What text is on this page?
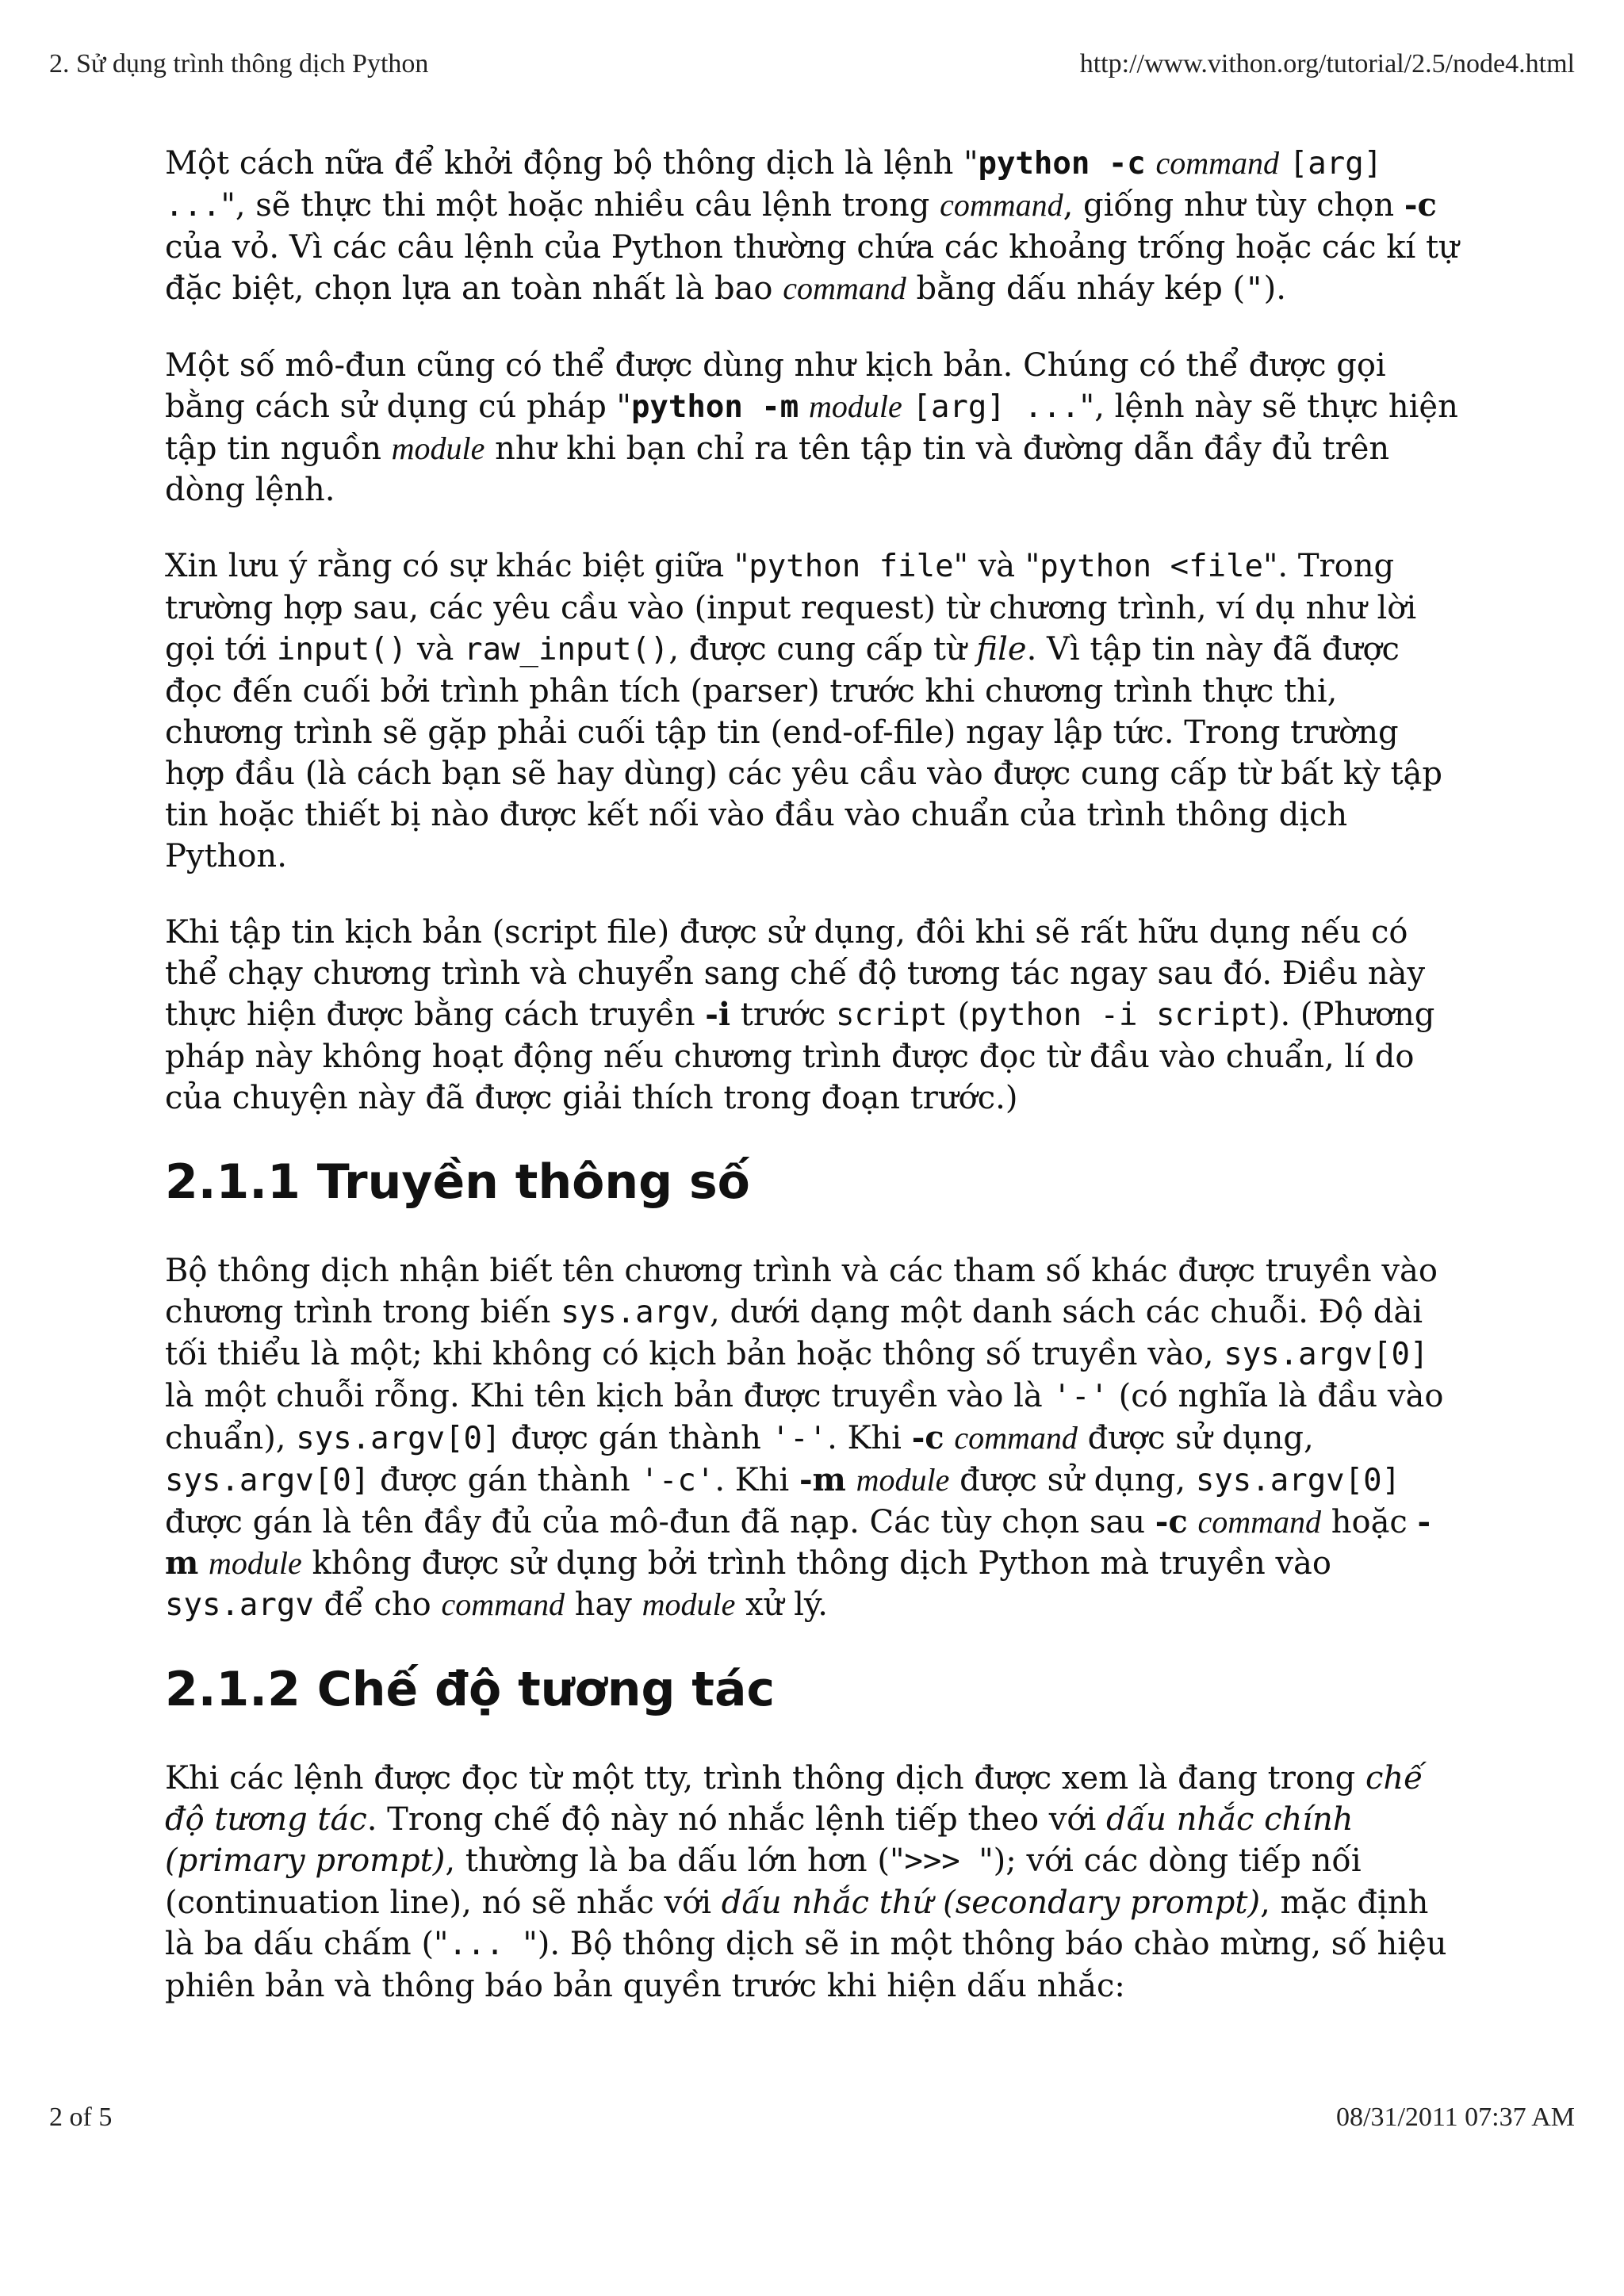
2. Sử dụng trình thông dịch Python	http://www.vithon.org/tutorial/2.5/node4.html

Một cách nữa để khởi động bộ thông dịch là lệnh "python -c command [arg] ...", sẽ thực thi một hoặc nhiều câu lệnh trong command, giống như tùy chọn -c của vỏ. Vì các câu lệnh của Python thường chứa các khoảng trống hoặc các kí tự đặc biệt, chọn lựa an toàn nhất là bao command bằng dấu nháy kép (").

Một số mô-đun cũng có thể được dùng như kịch bản. Chúng có thể được gọi bằng cách sử dụng cú pháp "python -m module [arg] ...", lệnh này sẽ thực hiện tập tin nguồn module như khi bạn chỉ ra tên tập tin và đường dẫn đầy đủ trên dòng lệnh.

Xin lưu ý rằng có sự khác biệt giữa "python file" và "python <file". Trong trường hợp sau, các yêu cầu vào (input request) từ chương trình, ví dụ như lời gọi tới input() và raw_input(), được cung cấp từ file. Vì tập tin này đã được đọc đến cuối bởi trình phân tích (parser) trước khi chương trình thực thi, chương trình sẽ gặp phải cuối tập tin (end-of-file) ngay lập tức. Trong trường hợp đầu (là cách bạn sẽ hay dùng) các yêu cầu vào được cung cấp từ bất kỳ tập tin hoặc thiết bị nào được kết nối vào đầu vào chuẩn của trình thông dịch Python.

Khi tập tin kịch bản (script file) được sử dụng, đôi khi sẽ rất hữu dụng nếu có thể chạy chương trình và chuyển sang chế độ tương tác ngay sau đó. Điều này thực hiện được bằng cách truyền -i trước script (python -i script). (Phương pháp này không hoạt động nếu chương trình được đọc từ đầu vào chuẩn, lí do của chuyện này đã được giải thích trong đoạn trước.)

2.1.1 Truyền thông số

Bộ thông dịch nhận biết tên chương trình và các tham số khác được truyền vào chương trình trong biến sys.argv, dưới dạng một danh sách các chuỗi. Độ dài tối thiểu là một; khi không có kịch bản hoặc thông số truyền vào, sys.argv[0] là một chuỗi rỗng. Khi tên kịch bản được truyền vào là '-' (có nghĩa là đầu vào chuẩn), sys.argv[0] được gán thành '-'. Khi -c command được sử dụng, sys.argv[0] được gán thành '-c'. Khi -m module được sử dụng, sys.argv[0] được gán là tên đầy đủ của mô-đun đã nạp. Các tùy chọn sau -c command hoặc -m module không được sử dụng bởi trình thông dịch Python mà truyền vào sys.argv để cho command hay module xử lý.

2.1.2 Chế độ tương tác

Khi các lệnh được đọc từ một tty, trình thông dịch được xem là đang trong chế độ tương tác. Trong chế độ này nó nhắc lệnh tiếp theo với dấu nhắc chính (primary prompt), thường là ba dấu lớn hơn (">>> "); với các dòng tiếp nối (continuation line), nó sẽ nhắc với dấu nhắc thứ (secondary prompt), mặc định là ba dấu chấm ("... "). Bộ thông dịch sẽ in một thông báo chào mừng, số hiệu phiên bản và thông báo bản quyền trước khi hiện dấu nhắc:

2 of 5	08/31/2011 07:37 AM
